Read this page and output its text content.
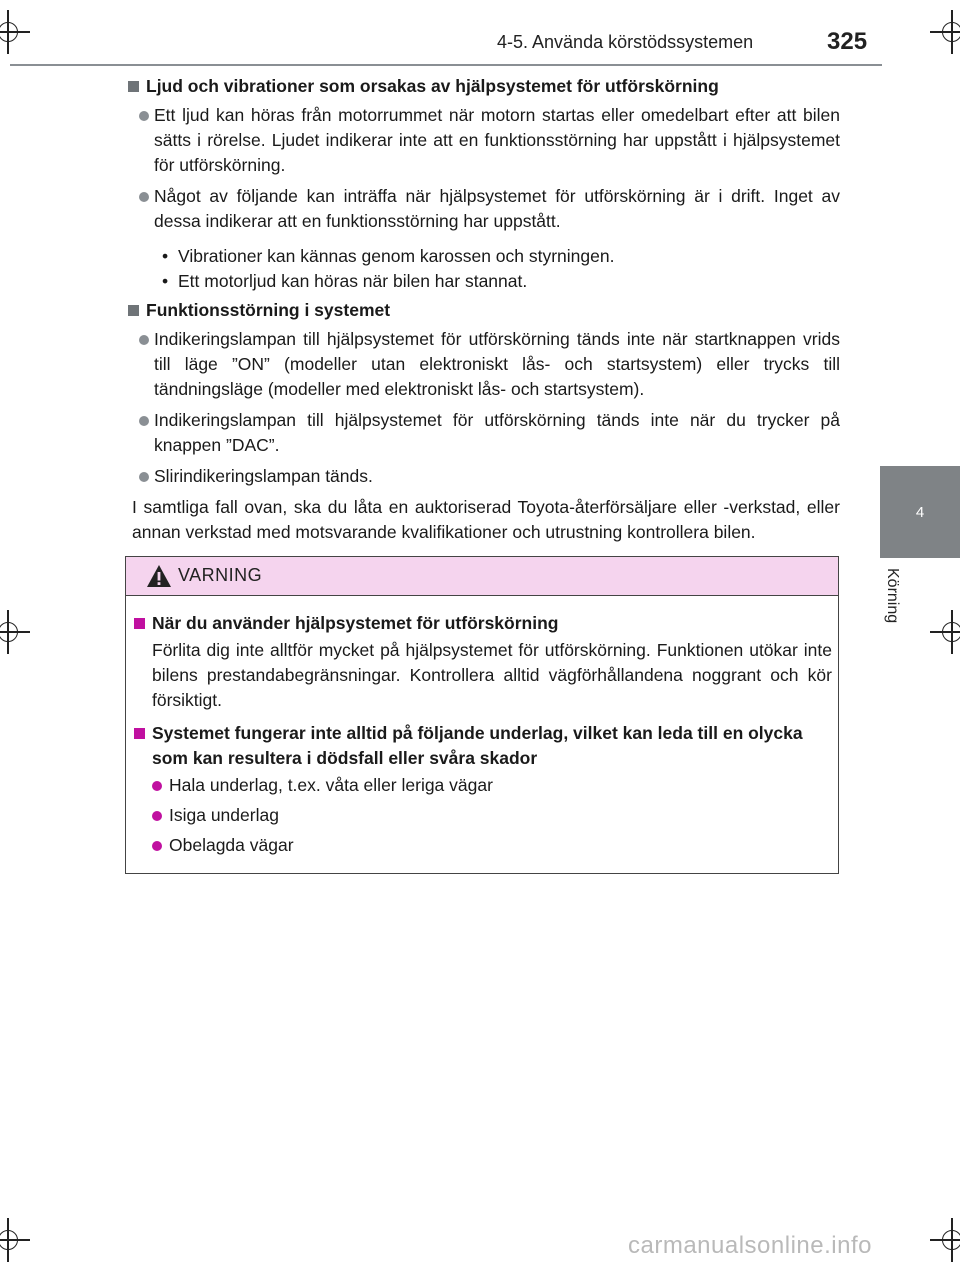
4-5. Använda körstödssystemen	325
4
Körning
Ljud och vibrationer som orsakas av hjälpsystemet för utförskörning
Ett ljud kan höras från motorrummet när motorn startas eller omedelbart efter att bilen sätts i rörelse. Ljudet indikerar inte att en funktionsstörning har uppstått i hjälpsystemet för utförskörning.
Något av följande kan inträffa när hjälpsystemet för utförskörning är i drift. Inget av dessa indikerar att en funktionsstörning har uppstått.
• Vibrationer kan kännas genom karossen och styrningen.
• Ett motorljud kan höras när bilen har stannat.
Funktionsstörning i systemet
Indikeringslampan till hjälpsystemet för utförskörning tänds inte när startknappen vrids till läge ”ON” (modeller utan elektroniskt lås- och startsystem) eller trycks till tändningsläge (modeller med elektroniskt lås- och startsystem).
Indikeringslampan till hjälpsystemet för utförskörning tänds inte när du trycker på knappen ”DAC”.
Slirindikeringslampan tänds.
I samtliga fall ovan, ska du låta en auktoriserad Toyota-återförsäljare eller -verkstad, eller annan verkstad med motsvarande kvalifikationer och utrustning kontrollera bilen.
VARNING
När du använder hjälpsystemet för utförskörning
Förlita dig inte alltför mycket på hjälpsystemet för utförskörning. Funktionen utökar inte bilens prestandabegränsningar. Kontrollera alltid vägförhållandena noggrant och kör försiktigt.
Systemet fungerar inte alltid på följande underlag, vilket kan leda till en olycka som kan resultera i dödsfall eller svåra skador
Hala underlag, t.ex. våta eller leriga vägar
Isiga underlag
Obelagda vägar
carmanualsonline.info
